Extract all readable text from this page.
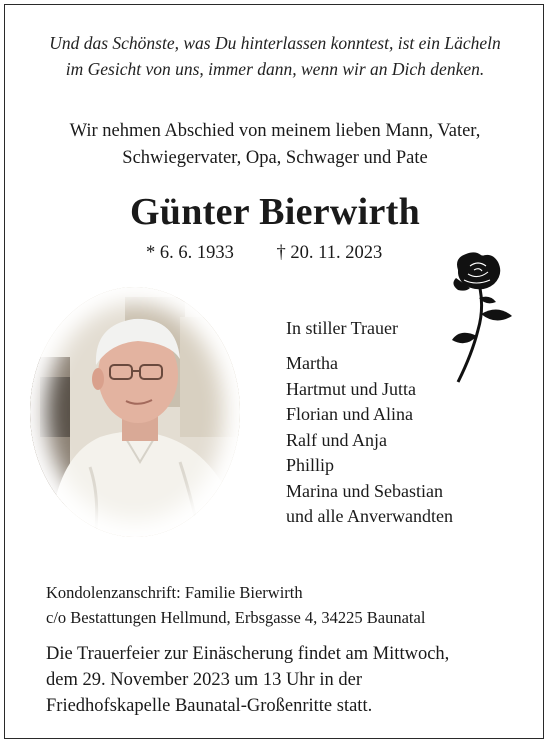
Und das Schönste, was Du hinterlassen konntest, ist ein Lächeln
im Gesicht von uns, immer dann, wenn wir an Dich denken.
Wir nehmen Abschied von meinem lieben Mann, Vater,
Schwiegervater, Opa, Schwager und Pate
Günter Bierwirth
* 6. 6. 1933 † 20. 11. 2023
In stiller Trauer
Martha
Hartmut und Jutta
Florian und Alina
Ralf und Anja
Phillip
Marina und Sebastian
und alle Anverwandten
Kondolenzanschrift: Familie Bierwirth
c/o Bestattungen Hellmund, Erbsgasse 4, 34225 Baunatal
Die Trauerfeier zur Einäscherung findet am Mittwoch,
dem 29. November 2023 um 13 Uhr in der
Friedhofskapelle Baunatal-Großenritte statt.
